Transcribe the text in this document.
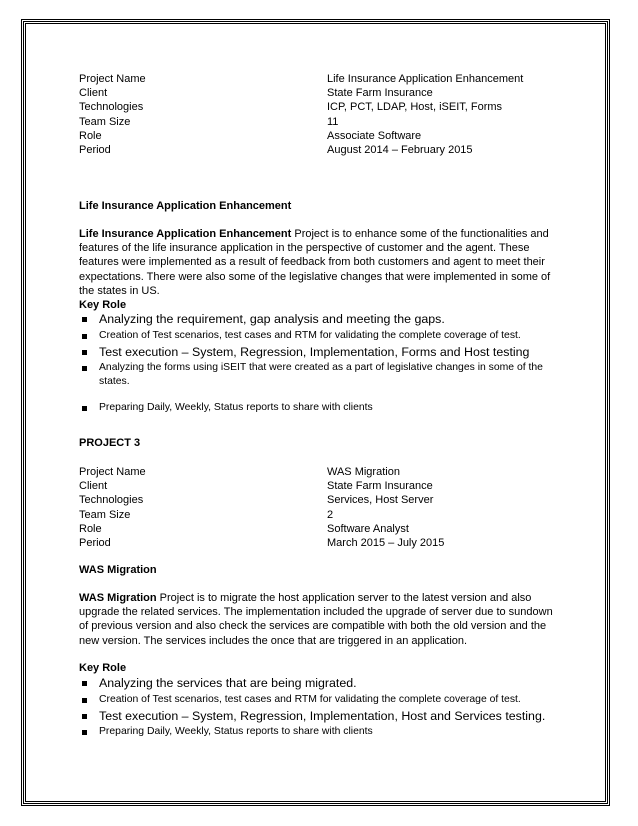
Project Name	Life Insurance Application Enhancement
Client	State Farm Insurance
Technologies	ICP, PCT, LDAP, Host, iSEIT, Forms
Team Size	11
Role	Associate Software
Period	August 2014 – February 2015
Life Insurance Application Enhancement
Life Insurance Application Enhancement Project is to enhance some of the functionalities and features of the life insurance application in the perspective of customer and the agent. These features were implemented as a result of feedback from both customers and agent to meet their expectations. There were also some of the legislative changes that were implemented in some of the states in US.
Key Role
Analyzing the requirement, gap analysis and meeting the gaps.
Creation of Test scenarios, test cases and RTM for validating the complete coverage of test.
Test execution – System, Regression, Implementation, Forms and Host testing
Analyzing the forms using iSEIT that were created as a part of legislative changes in some of the states.
Preparing Daily, Weekly, Status reports to share with clients
PROJECT 3
Project Name	WAS Migration
Client	State Farm Insurance
Technologies	Services, Host Server
Team Size	2
Role	Software Analyst
Period	March 2015 – July 2015
WAS Migration
WAS Migration Project is to migrate the host application server to the latest version and also upgrade the related services. The implementation included the upgrade of server due to sundown of previous version and also check the services are compatible with both the old version and the new version. The services includes the once that are triggered in an application.
Key Role
Analyzing the services that are being migrated.
Creation of Test scenarios, test cases and RTM for validating the complete coverage of test.
Test execution – System, Regression, Implementation, Host and Services testing.
Preparing Daily, Weekly, Status reports to share with clients
